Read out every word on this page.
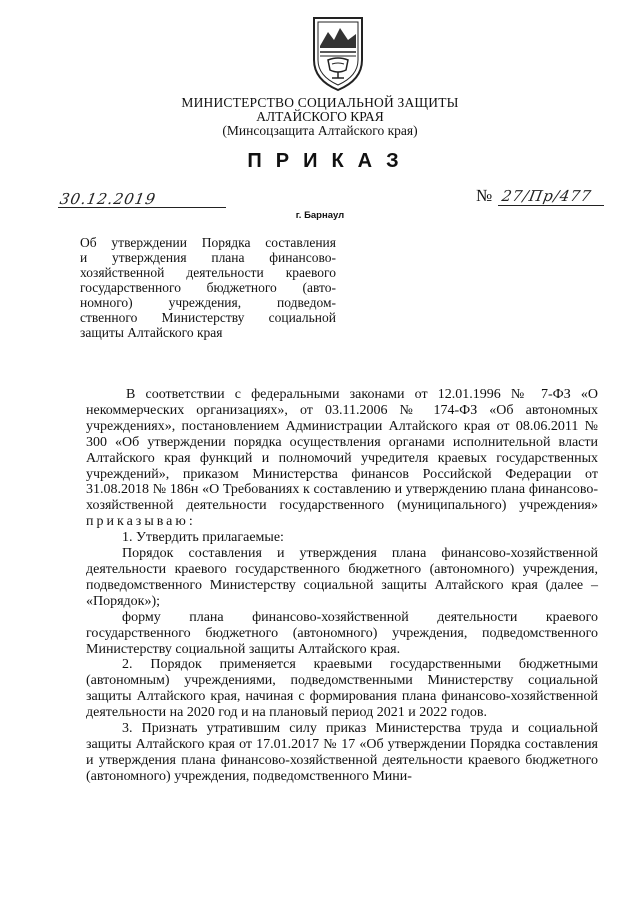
МИНИСТЕРСТВО СОЦИАЛЬНОЙ ЗАЩИТЫ
АЛТАЙСКОГО КРАЯ
(Минсоцзащита Алтайского края)
ПРИКАЗ
30.12.2019	№ 27/Пр/477
г. Барнаул
Об утверждении Порядка составления
и утверждения плана финансово-
хозяйственной деятельности краевого
государственного бюджетного (авто-
номного) учреждения, подведом-
ственного Министерству социальной
защиты Алтайского края

В соответствии с федеральными законами от 12.01.1996 № 7-ФЗ «О некоммерческих организациях», от 03.11.2006 № 174-ФЗ «Об автономных учреждениях», постановлением Администрации Алтайского края от 08.06.2011 № 300 «Об утверждении порядка осуществления органами исполнительной власти Алтайского края функций и полномочий учредителя краевых государственных учреждений», приказом Министерства финансов Российской Федерации от 31.08.2018 № 186н «О Требованиях к составлению и утверждению плана финансово-хозяйственной деятельности государственного (муниципального) учреждения» приказываю:

1. Утвердить прилагаемые:

Порядок составления и утверждения плана финансово-хозяйственной деятельности краевого государственного бюджетного (автономного) учреждения, подведомственного Министерству социальной защиты Алтайского края (далее – «Порядок»);

форму плана финансово-хозяйственной деятельности краевого государственного бюджетного (автономного) учреждения, подведомственного Министерству социальной защиты Алтайского края.

2. Порядок применяется краевыми государственными бюджетными (автономным) учреждениями, подведомственными Министерству социальной защиты Алтайского края, начиная с формирования плана финансово-хозяйственной деятельности на 2020 год и на плановый период 2021 и 2022 годов.

3. Признать утратившим силу приказ Министерства труда и социальной защиты Алтайского края от 17.01.2017 № 17 «Об утверждении Порядка составления и утверждения плана финансово-хозяйственной деятельности краевого бюджетного (автономного) учреждения, подведомственного Мини-
